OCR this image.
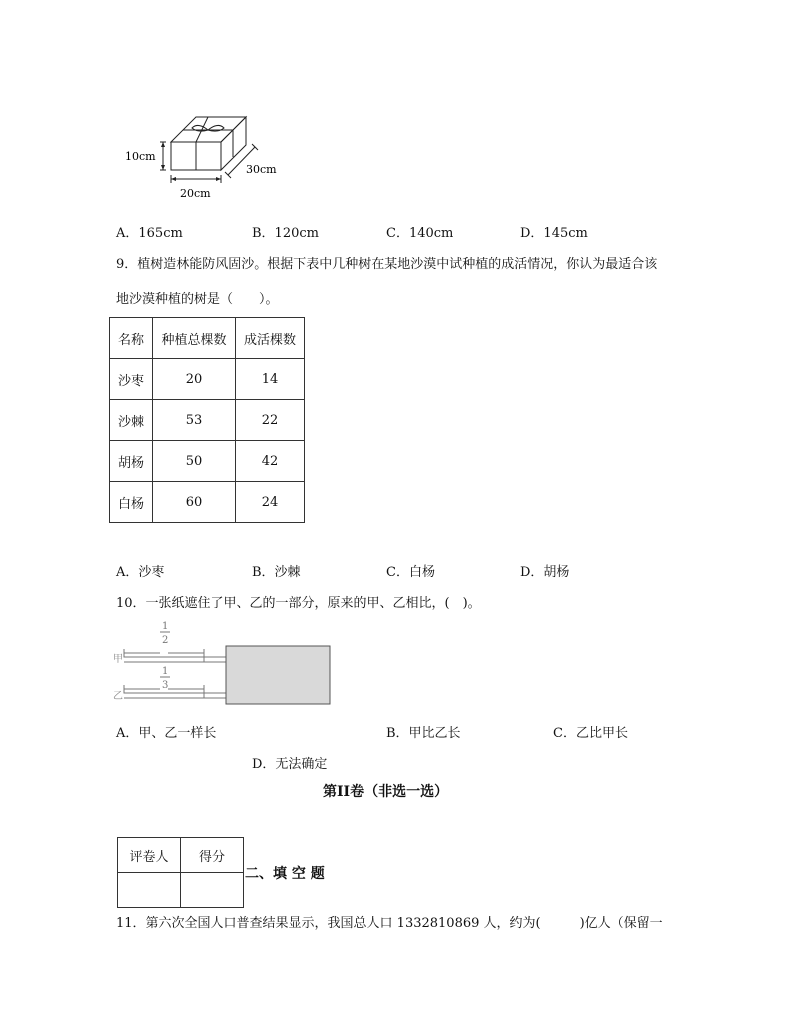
10cm
20cm
30cm
A．165cm	B．120cm	C．140cm	D．145cm
9．植树造林能防风固沙。根据下表中几种树在某地沙漠中试种植的成活情况，你认为最适合该
地沙漠种植的树是（　　）。
名称	种植总棵数	成活棵数
沙枣	20	14
沙棘	53	22
胡杨	50	42
白杨	60	24
A．沙枣	B．沙棘	C．白杨	D．胡杨
10．一张纸遮住了甲、乙的一部分，原来的甲、乙相比，(　)。
甲
乙
1
2
1
3
A．甲、乙一样长	B．甲比乙长	C．乙比甲长
D．无法确定
第II卷（非选一选）
评卷人	得分

二、填 空 题
11．第六次全国人口普查结果显示，我国总人口 1332810869 人，约为(　　　)亿人（保留一
